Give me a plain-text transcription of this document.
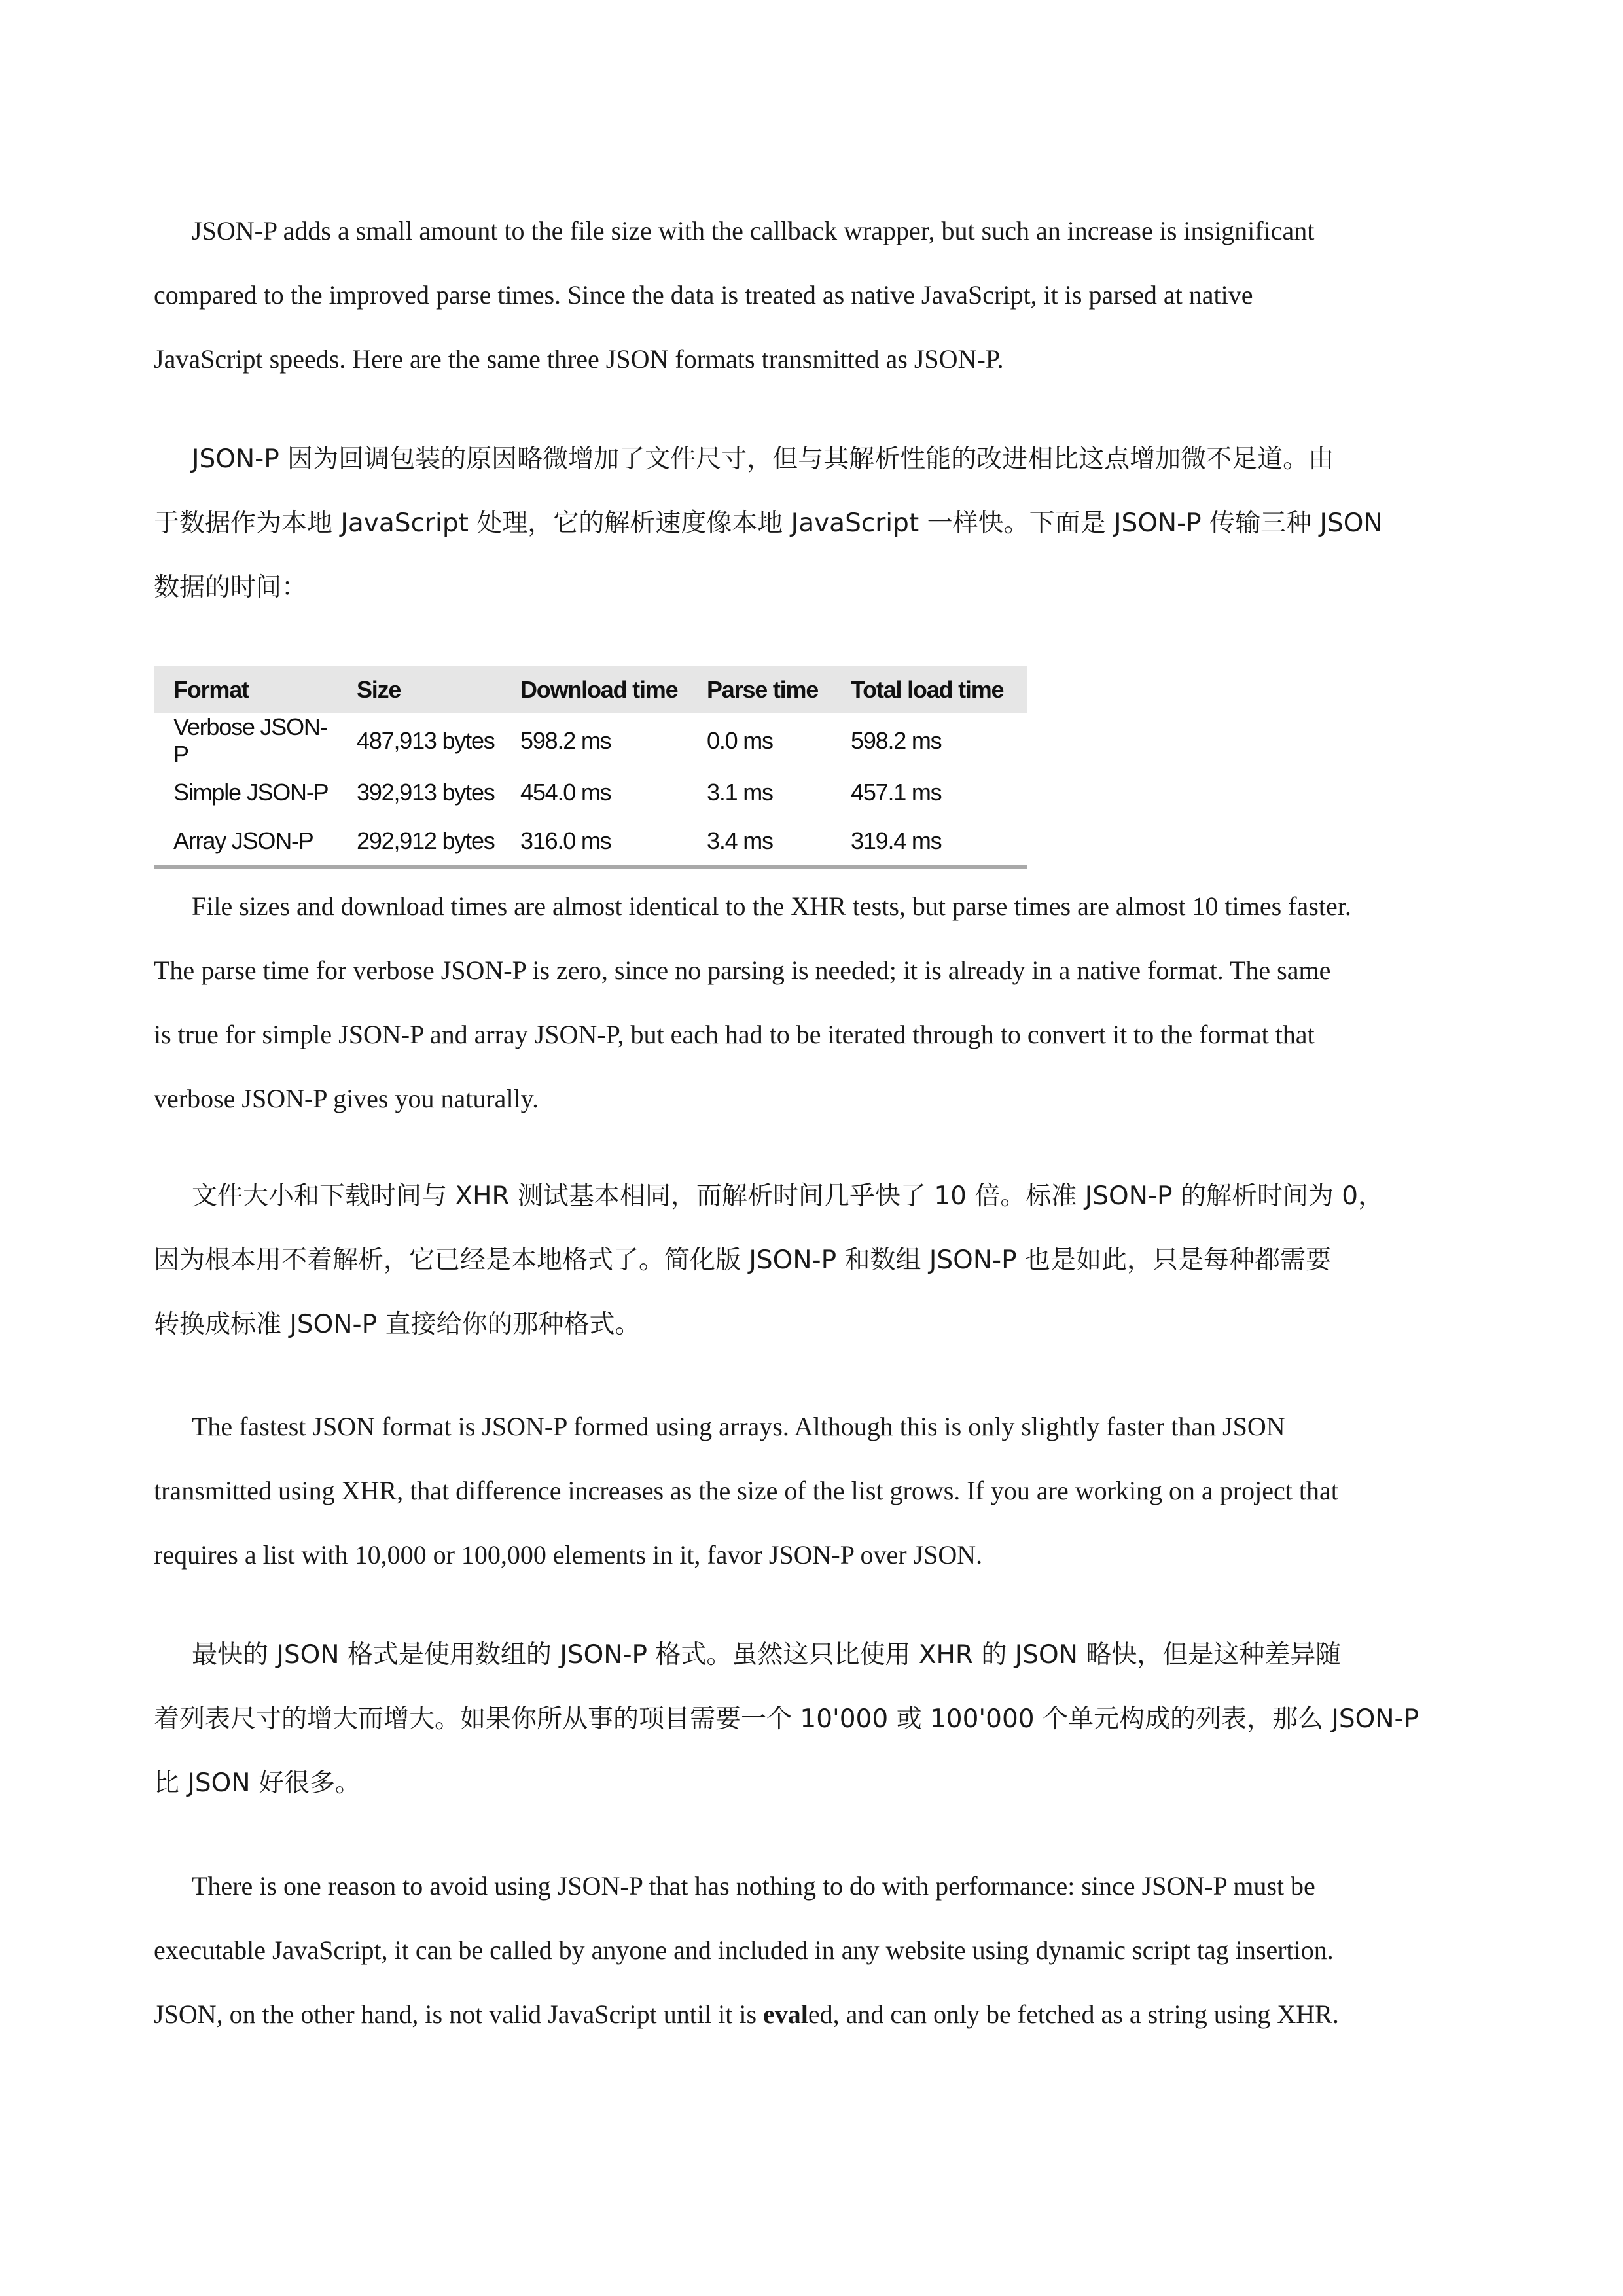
JSON-P adds a small amount to the file size with the callback wrapper, but such an increase is insignificant
compared to the improved parse times. Since the data is treated as native JavaScript, it is parsed at native
JavaScript speeds. Here are the same three JSON formats transmitted as JSON-P.

JSON-P 因为回调包装的原因略微增加了文件尺寸，但与其解析性能的改进相比这点增加微不足道。由
于数据作为本地 JavaScript 处理，它的解析速度像本地 JavaScript 一样快。下面是 JSON-P 传输三种 JSON
数据的时间：

Format	Size	Download time	Parse time	Total load time
Verbose JSON-P	487,913 bytes	598.2 ms	0.0 ms	598.2 ms
Simple JSON-P	392,913 bytes	454.0 ms	3.1 ms	457.1 ms
Array JSON-P	292,912 bytes	316.0 ms	3.4 ms	319.4 ms

File sizes and download times are almost identical to the XHR tests, but parse times are almost 10 times faster.
The parse time for verbose JSON-P is zero, since no parsing is needed; it is already in a native format. The same
is true for simple JSON-P and array JSON-P, but each had to be iterated through to convert it to the format that
verbose JSON-P gives you naturally.

文件大小和下载时间与 XHR 测试基本相同，而解析时间几乎快了 10 倍。标准 JSON-P 的解析时间为 0，
因为根本用不着解析，它已经是本地格式了。简化版 JSON-P 和数组 JSON-P 也是如此，只是每种都需要
转换成标准 JSON-P 直接给你的那种格式。

The fastest JSON format is JSON-P formed using arrays. Although this is only slightly faster than JSON
transmitted using XHR, that difference increases as the size of the list grows. If you are working on a project that
requires a list with 10,000 or 100,000 elements in it, favor JSON-P over JSON.

最快的 JSON 格式是使用数组的 JSON-P 格式。虽然这只比使用 XHR 的 JSON 略快，但是这种差异随
着列表尺寸的增大而增大。如果你所从事的项目需要一个 10'000 或 100'000 个单元构成的列表，那么 JSON-P
比 JSON 好很多。

There is one reason to avoid using JSON-P that has nothing to do with performance: since JSON-P must be
executable JavaScript, it can be called by anyone and included in any website using dynamic script tag insertion.
JSON, on the other hand, is not valid JavaScript until it is evaled, and can only be fetched as a string using XHR.
